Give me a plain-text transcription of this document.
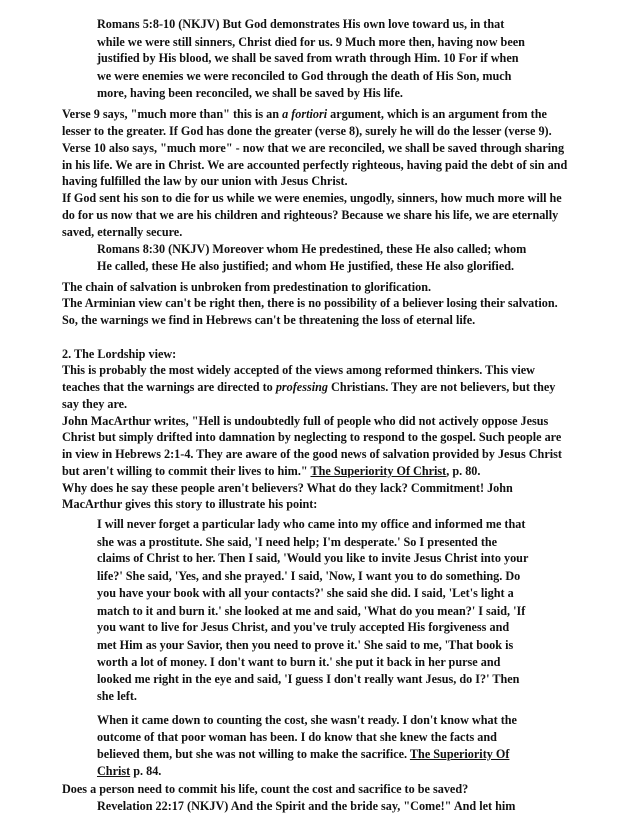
Romans 5:8-10 (NKJV) But God demonstrates His own love toward us, in that
while we were still sinners, Christ died for us. 9 Much more then, having now been
justified by His blood, we shall be saved from wrath through Him. 10 For if when
we were enemies we were reconciled to God through the death of His Son, much
more, having been reconciled, we shall be saved by His life.
Verse 9 says, "much more than" this is an a fortiori argument, which is an argument from the
lesser to the greater. If God has done the greater (verse 8), surely he will do the lesser (verse 9).
Verse 10 also says, "much more" - now that we are reconciled, we shall be saved through sharing
in his life. We are in Christ. We are accounted perfectly righteous, having paid the debt of sin and
having fulfilled the law by our union with Jesus Christ.
If God sent his son to die for us while we were enemies, ungodly, sinners, how much more will he
do for us now that we are his children and righteous? Because we share his life, we are eternally
saved, eternally secure.
Romans 8:30 (NKJV) Moreover whom He predestined, these He also called; whom
He called, these He also justified; and whom He justified, these He also glorified.
The chain of salvation is unbroken from predestination to glorification.
The Arminian view can't be right then, there is no possibility of a believer losing their salvation.
So, the warnings we find in Hebrews can't be threatening the loss of eternal life.
2. The Lordship view:
This is probably the most widely accepted of the views among reformed thinkers. This view
teaches that the warnings are directed to professing Christians. They are not believers, but they
say they are.
John MacArthur writes, "Hell is undoubtedly full of people who did not actively oppose Jesus
Christ but simply drifted into damnation by neglecting to respond to the gospel. Such people are
in view in Hebrews 2:1-4. They are aware of the good news of salvation provided by Jesus Christ
but aren't willing to commit their lives to him." The Superiority Of Christ, p. 80.
Why does he say these people aren't believers? What do they lack? Commitment! John
MacArthur gives this story to illustrate his point:
I will never forget a particular lady who came into my office and informed me that
she was a prostitute. She said, 'I need help; I'm desperate.' So I presented the
claims of Christ to her. Then I said, 'Would you like to invite Jesus Christ into your
life?' She said, 'Yes, and she prayed.' I said, 'Now, I want you to do something. Do
you have your book with all your contacts?' she said she did. I said, 'Let's light a
match to it and burn it.' she looked at me and said, 'What do you mean?' I said, 'If
you want to live for Jesus Christ, and you've truly accepted His forgiveness and
met Him as your Savior, then you need to prove it.' She said to me, 'That book is
worth a lot of money. I don't want to burn it.' she put it back in her purse and
looked me right in the eye and said, 'I guess I don't really want Jesus, do I?' Then
she left.
When it came down to counting the cost, she wasn't ready. I don't know what the
outcome of that poor woman has been. I do know that she knew the facts and
believed them, but she was not willing to make the sacrifice. The Superiority Of
Christ p. 84.
Does a person need to commit his life, count the cost and sacrifice to be saved?
Revelation 22:17 (NKJV) And the Spirit and the bride say, "Come!" And let him
